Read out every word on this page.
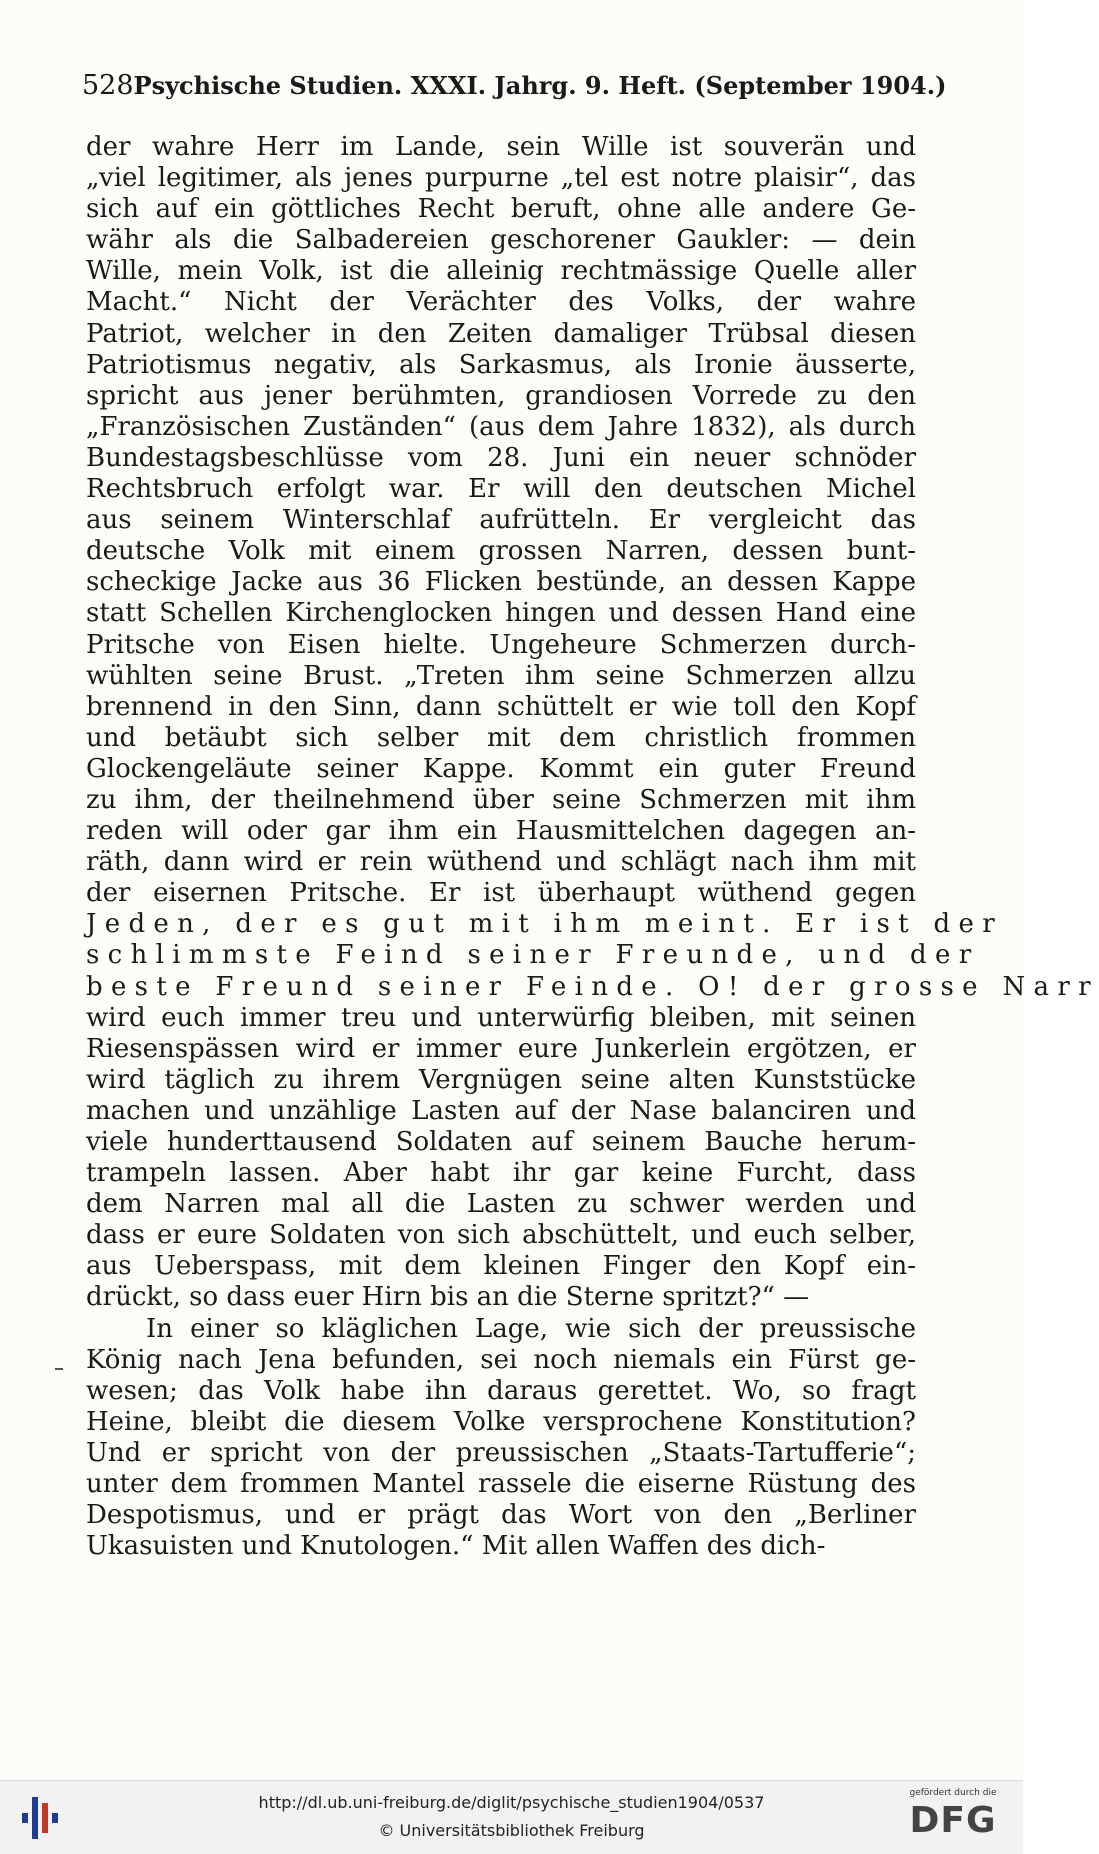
528 Psychische Studien. XXXI. Jahrg. 9. Heft. (September 1904.)
der wahre Herr im Lande, sein Wille ist souverän und
„viel legitimer, als jenes purpurne „tel est notre plaisir“, das
sich auf ein göttliches Recht beruft, ohne alle andere Ge-
währ als die Salbadereien geschorener Gaukler: — dein
Wille, mein Volk, ist die alleinig rechtmässige Quelle aller
Macht.“ Nicht der Verächter des Volks, der wahre
Patriot, welcher in den Zeiten damaliger Trübsal diesen
Patriotismus negativ, als Sarkasmus, als Ironie äusserte,
spricht aus jener berühmten, grandiosen Vorrede zu den
„Französischen Zuständen“ (aus dem Jahre 1832), als durch
Bundestagsbeschlüsse vom 28. Juni ein neuer schnöder
Rechtsbruch erfolgt war. Er will den deutschen Michel
aus seinem Winterschlaf aufrütteln. Er vergleicht das
deutsche Volk mit einem grossen Narren, dessen bunt-
scheckige Jacke aus 36 Flicken bestünde, an dessen Kappe
statt Schellen Kirchenglocken hingen und dessen Hand eine
Pritsche von Eisen hielte. Ungeheure Schmerzen durch-
wühlten seine Brust. „Treten ihm seine Schmerzen allzu
brennend in den Sinn, dann schüttelt er wie toll den Kopf
und betäubt sich selber mit dem christlich frommen
Glockengeläute seiner Kappe. Kommt ein guter Freund
zu ihm, der theilnehmend über seine Schmerzen mit ihm
reden will oder gar ihm ein Hausmittelchen dagegen an-
räth, dann wird er rein wüthend und schlägt nach ihm mit
der eisernen Pritsche. Er ist überhaupt wüthend gegen
Jeden, der es gut mit ihm meint. Er ist der
schlimmste Feind seiner Freunde, und der
beste Freund seiner Feinde. O! der grosse Narr
wird euch immer treu und unterwürfig bleiben, mit seinen
Riesenspässen wird er immer eure Junkerlein ergötzen, er
wird täglich zu ihrem Vergnügen seine alten Kunststücke
machen und unzählige Lasten auf der Nase balanciren und
viele hunderttausend Soldaten auf seinem Bauche herum-
trampeln lassen. Aber habt ihr gar keine Furcht, dass
dem Narren mal all die Lasten zu schwer werden und
dass er eure Soldaten von sich abschüttelt, und euch selber,
aus Ueberspass, mit dem kleinen Finger den Kopf ein-
drückt, so dass euer Hirn bis an die Sterne spritzt?“ —
In einer so kläglichen Lage, wie sich der preussische
König nach Jena befunden, sei noch niemals ein Fürst ge-
wesen; das Volk habe ihn daraus gerettet. Wo, so fragt
Heine, bleibt die diesem Volke versprochene Konstitution?
Und er spricht von der preussischen „Staats-Tartufferie“;
unter dem frommen Mantel rassele die eiserne Rüstung des
Despotismus, und er prägt das Wort von den „Berliner
Ukasuisten und Knutologen.“ Mit allen Waffen des dich-
http://dl.ub.uni-freiburg.de/diglit/psychische_studien1904/0537
© Universitätsbibliothek Freiburg
gefördert durch die
DFG
